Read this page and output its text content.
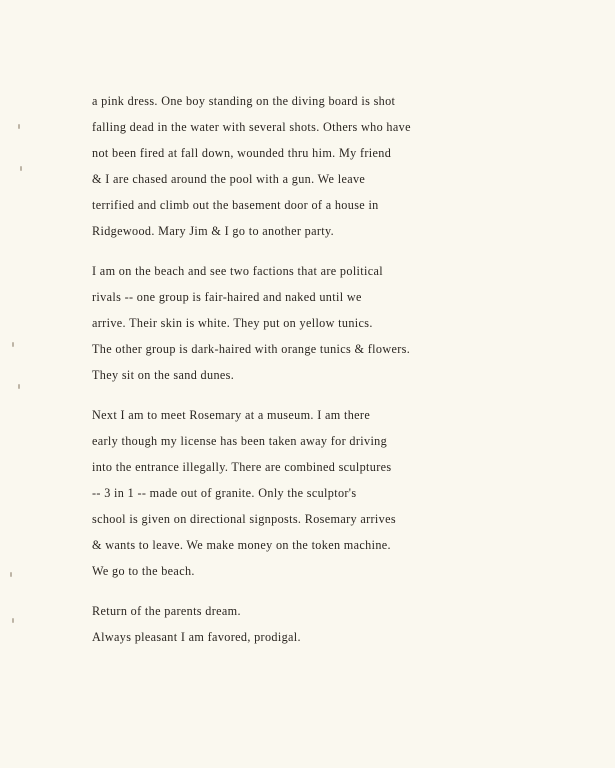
a pink dress. One boy standing on the diving board is shot
falling dead in the water with several shots. Others who have
not been fired at fall down, wounded thru him. My friend
& I are chased around the pool with a gun. We leave
terrified and climb out the basement door of a house in
Ridgewood. Mary Jim & I go to another party.
I am on the beach and see two factions that are political
rivals -- one group is fair-haired and naked until we
arrive. Their skin is white. They put on yellow tunics.
The other group is dark-haired with orange tunics & flowers.
They sit on the sand dunes.
Next I am to meet Rosemary at a museum. I am there
early though my license has been taken away for driving
into the entrance illegally. There are combined sculptures
-- 3 in 1 -- made out of granite. Only the sculptor's
school is given on directional signposts. Rosemary arrives
& wants to leave. We make money on the token machine.
We go to the beach.
Return of the parents dream.
Always pleasant I am favored, prodigal.
